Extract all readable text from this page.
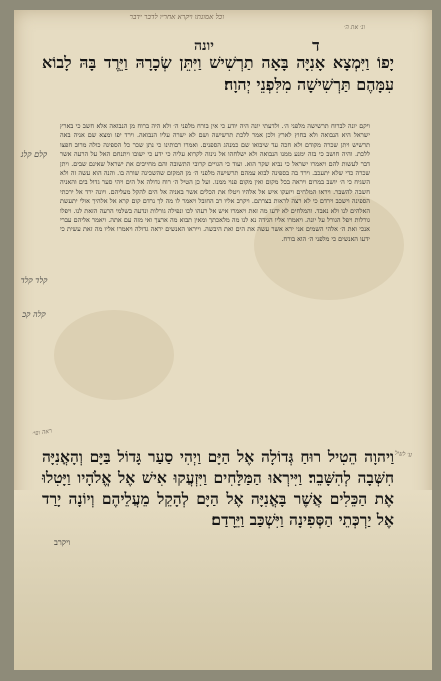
וכל אמונתו ויקרא אחריו לדבר ידבר
ונ׳ את ה׳
יונה	ד
יָפוֹ וַיִּמְצָא אָנִיָּה בָּאָה תַרְשִׁישׁ וַיִּתֵּן שְׂכָרָהּ וַיֵּרֶד בָּהּ לָבוֹא עִמָּהֶם תַּרְשִׁישָׁה מִלִּפְנֵי יְהוָה׃
ויקם יונה לברוח תרשישה מלפני ה׳. ולדעתי יונה היה יודע כי אין בורח מלפני ה׳ ולא היה ברוח מן הנבואה אלא חשב כי בארץ ישראל היא הנבואה ולא בחוץ לארץ ולכן אמר ללכת תרשישה ושם לא ישרה עליו הנבואה. וירד יפו ומצא שם אניה באה תרשיש ויתן שכרה מקודם ולא חכה עד שיבואו שם כמנהג הספנים. ואמרו רבותינו כי נתן שכר כל הספינה כולה מרוב חפצו ללכת. והיה חושב כי בזה ימנע ממנו הנבואה ולא ישלחהו אל נינוה לקרוא עליה כי ידע כי ישובו ויתנחם האל על הרעה אשר דבר לעשות להם ויאמרו ישראל כי נביא שקר הוא. ועוד כי הגויים קרובי התשובה והם מחייבים את ישראל שאינם שבים. ויתן שכרה כדי שלא יתעכב. וירד בה בספינה לבוא עמהם תרשישה מלפני ה׳ מן המקום שהשכינה שורה בו. והנה הוא עשה זה ולא השגיח כי ה׳ יושב במרום ויראה בכל מקום ואין מקום פנוי ממנו. ועל כן הטיל ה׳ רוח גדולה אל הים ויהי סער גדול בים והאניה חשבה להשבר. ויראו המלחים ויזעקו איש אל אלהיו ויטלו את הכלים אשר באניה אל הים להקל מעליהם. ויונה ירד אל ירכתי הספינה וישכב וירדם כי לא רצה לראות בצרתם. ויקרב אליו רב החובל ויאמר לו מה לך נרדם קום קרא אל אלהיך אולי יתעשת האלהים לנו ולא נאבד. והמלחים לא ידעו מה זאת ויאמרו איש אל רעהו לכו ונפילה גורלות ונדעה בשלמי הרעה הזאת לנו. ויפלו גורלות ויפל הגורל על יונה. ויאמרו אליו הגידה נא לנו מה מלאכתך ומאין תבוא מה ארצך ואי מזה עם אתה. ויאמר אליהם עברי אנכי ואת ה׳ אלהי השמים אני ירא אשר עשה את הים ואת היבשה. וייראו האנשים יראה גדולה ויאמרו אליו מה זאת עשית כי ידעו האנשים כי מלפני ה׳ הוא בורח.
קלם קלג
קלד קלד
קלה קכ
ראה ופי׳
ע׳ לעיל
וַיהוָה הֵטִיל רוּחַ גְּדוֹלָה אֶל הַיָּם וַיְהִי סַעַר גָּדוֹל בַּיָּם וְהָאֳנִיָּה חִשְּׁבָה לְהִשָּׁבֵר׃ וַיִּירְאוּ הַמַּלָּחִים וַיִּזְעֲקוּ אִישׁ אֶל אֱלֹהָיו וַיָּטִלוּ אֶת הַכֵּלִים אֲשֶׁר בָּאֳנִיָּה אֶל הַיָּם לְהָקֵל מֵעֲלֵיהֶם וְיוֹנָה יָרַד אֶל יַרְכְּתֵי הַסְּפִינָה וַיִּשְׁכַּב וַיֵּרָדַם׃
ויקרב
